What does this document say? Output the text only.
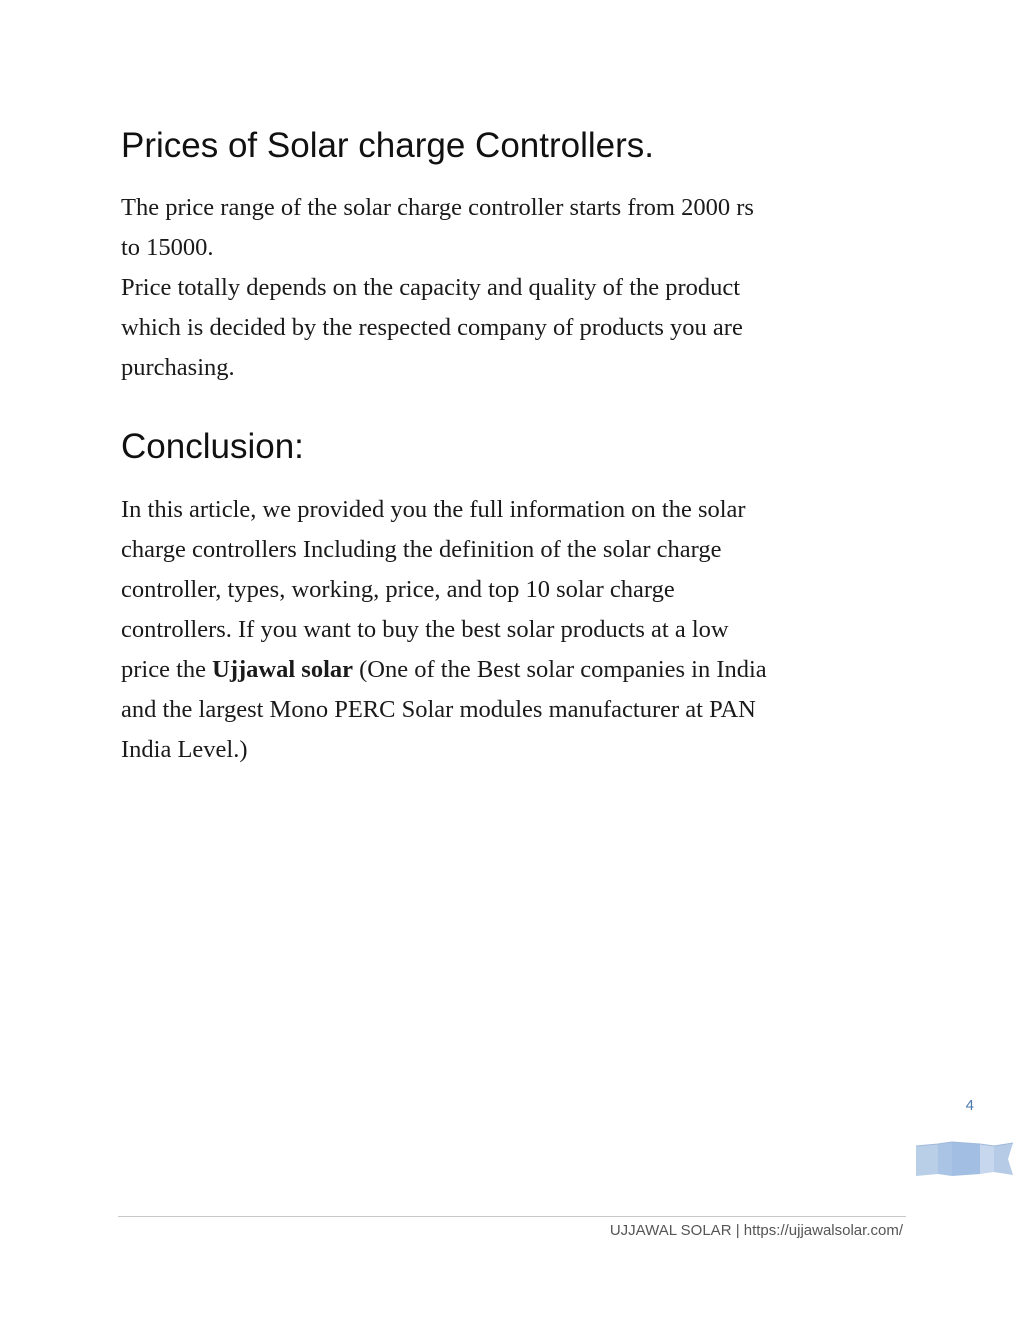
Prices of Solar charge Controllers.

The price range of the solar charge controller starts from 2000 rs
to 15000.
Price totally depends on the capacity and quality of the product
which is decided by the respected company of products you are
purchasing.

Conclusion:

In this article, we provided you the full information on the solar
charge controllers Including the definition of the solar charge
controller, types, working, price, and top 10 solar charge
controllers. If you want to buy the best solar products at a low
price the Ujjawal solar (One of the Best solar companies in India
and the largest Mono PERC Solar modules manufacturer at PAN
India Level.)

4
UJJAWAL SOLAR | https://ujjawalsolar.com/
